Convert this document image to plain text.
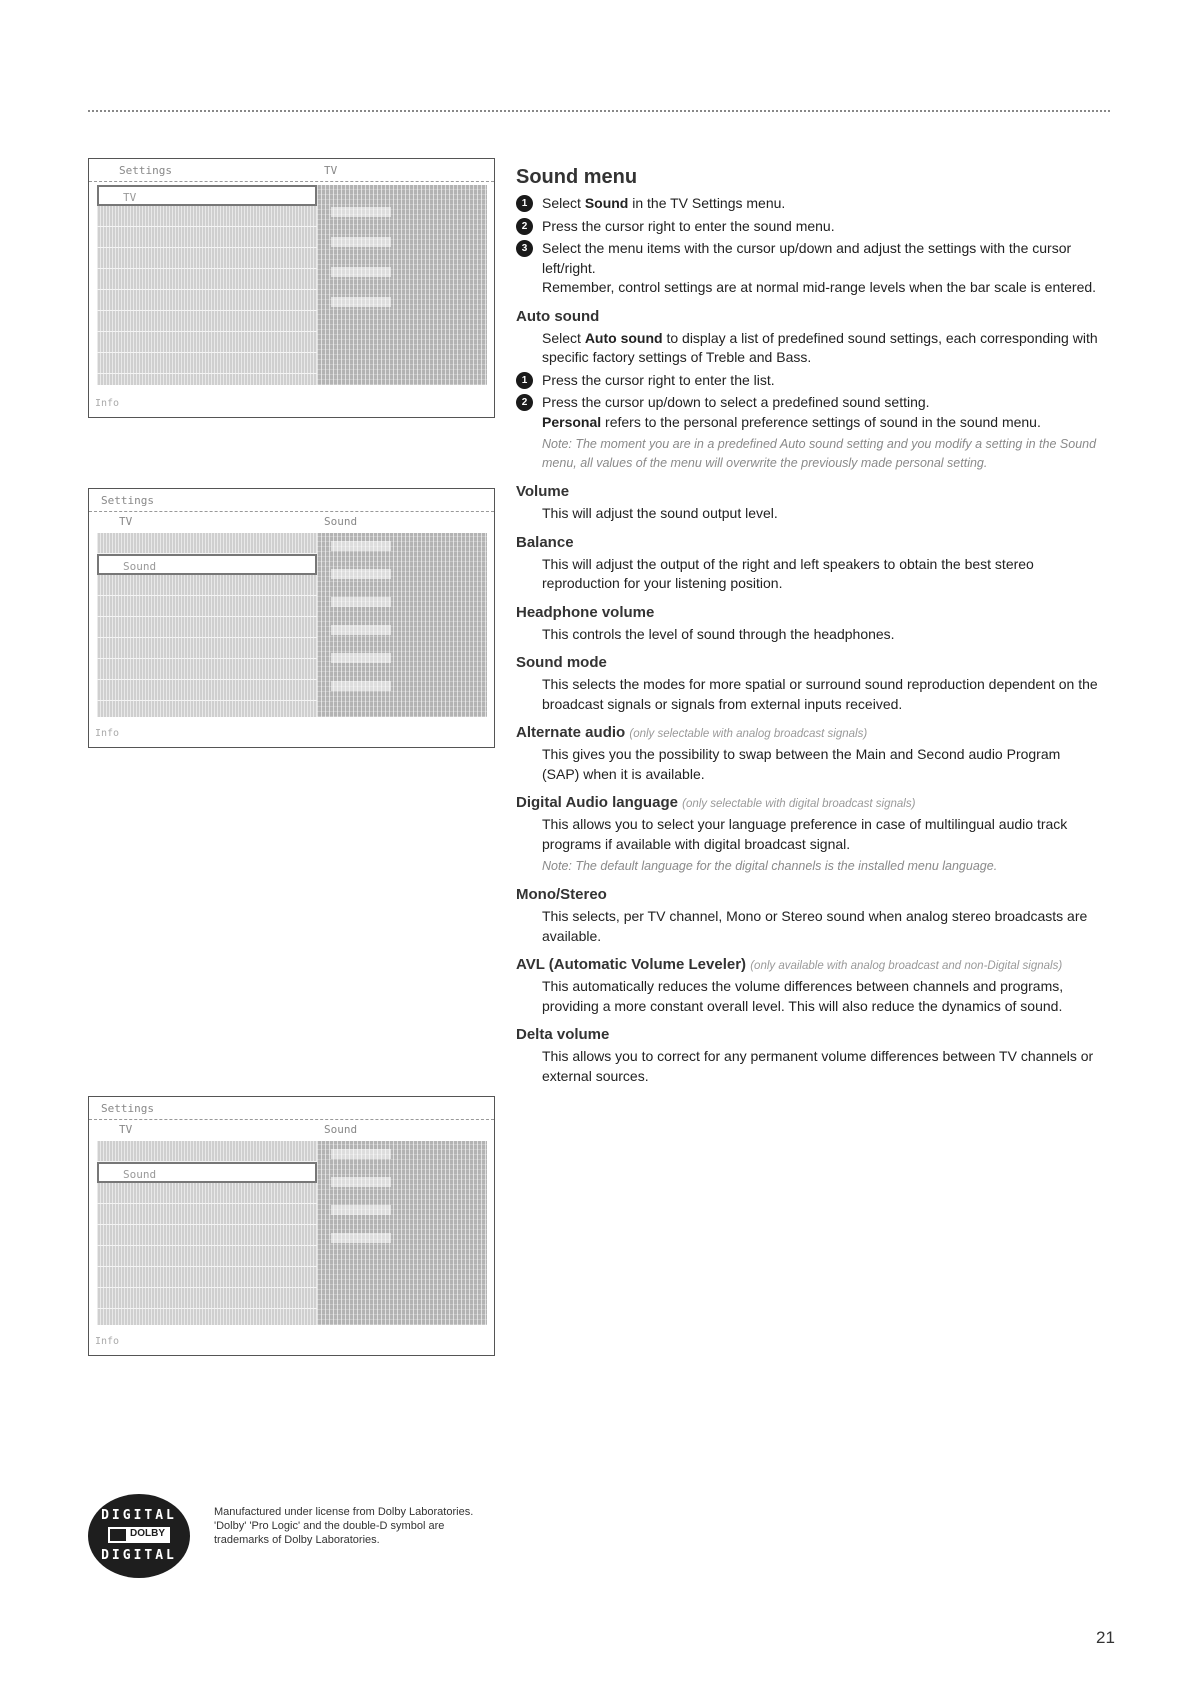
Settings	TV
TV
Info
Settings
TV	Sound
Sound
Info
Settings
TV	Sound
Sound
Info
Sound menu
1	Select Sound in the TV Settings menu.
2	Press the cursor right to enter the sound menu.
3	Select the menu items with the cursor up/down and adjust the settings with the cursor left/right.

Remember, control settings are at normal mid-range levels when the bar scale is entered.

Auto sound

Select Auto sound to display a list of predefined sound settings, each corresponding with specific factory settings of Treble and Bass.

1	Press the cursor right to enter the list.
2	Press the cursor up/down to select a predefined sound setting.

Personal refers to the personal preference settings of sound in the sound menu.

Note: The moment you are in a predefined Auto sound setting and you modify a setting in the Sound menu, all values of the menu will overwrite the previously made personal setting.

Volume

This will adjust the sound output level.

Balance

This will adjust the output of the right and left speakers to obtain the best stereo reproduction for your listening position.

Headphone volume

This controls the level of sound through the headphones.

Sound mode

This selects the modes for more spatial or surround sound reproduction dependent on the broadcast signals or signals from external inputs received.

Alternate audio (only selectable with analog broadcast signals)

This gives you the possibility to swap between the Main and Second audio Program (SAP) when it is available.

Digital Audio language (only selectable with digital broadcast signals)

This allows you to select your language preference in case of multilingual audio track programs if available with digital broadcast signal.

Note: The default language for the digital channels is the installed menu language.

Mono/Stereo

This selects, per TV channel, Mono or Stereo sound when analog stereo broadcasts are available.

AVL (Automatic Volume Leveler) (only available with analog broadcast and non-Digital signals)

This automatically reduces the volume differences between channels and programs, providing a more constant overall level. This will also reduce the dynamics of sound.

Delta volume

This allows you to correct for any permanent volume differences between TV channels or external sources.

DIGITAL
DOLBY
DIGITAL
Manufactured under license from Dolby Laboratories.
'Dolby' 'Pro Logic' and the double-D symbol are
trademarks of Dolby Laboratories.
21
